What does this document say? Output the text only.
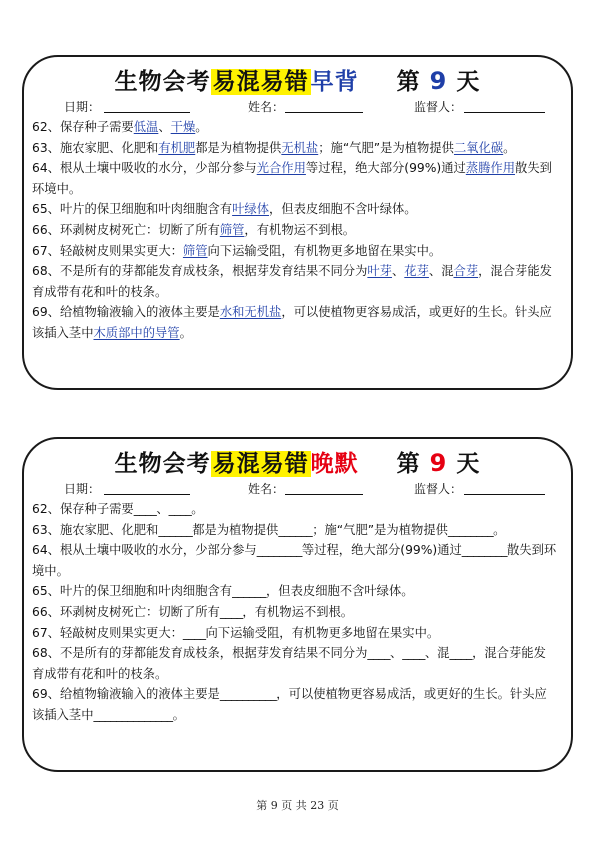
生物会考易混易错早背 第 9 天
日期：	姓名：	监督人：

62、保存种子需要低温、干燥。

63、施农家肥、化肥和有机肥都是为植物提供无机盐；施“气肥”是为植物提供二氧化碳。

64、根从土壤中吸收的水分，少部分参与光合作用等过程，绝大部分(99%)通过蒸腾作用散失到环境中。

65、叶片的保卫细胞和叶肉细胞含有叶绿体，但表皮细胞不含叶绿体。

66、环剥树皮树死亡：切断了所有筛管，有机物运不到根。

67、轻敲树皮则果实更大：筛管向下运输受阻，有机物更多地留在果实中。

68、不是所有的芽都能发育成枝条，根据芽发育结果不同分为叶芽、花芽、混合芽，混合芽能发育成带有花和叶的枝条。

69、给植物输液输入的液体主要是水和无机盐，可以使植物更容易成活，或更好的生长。针头应该插入茎中木质部中的导管。

生物会考易混易错晚默 第 9 天
日期：	姓名：	监督人：

62、保存种子需要____、____。

63、施农家肥、化肥和______都是为植物提供______；施“气肥”是为植物提供________。

64、根从土壤中吸收的水分，少部分参与________等过程，绝大部分(99%)通过________散失到环境中。

65、叶片的保卫细胞和叶肉细胞含有______，但表皮细胞不含叶绿体。

66、环剥树皮树死亡：切断了所有____，有机物运不到根。

67、轻敲树皮则果实更大：____向下运输受阻，有机物更多地留在果实中。

68、不是所有的芽都能发育成枝条，根据芽发育结果不同分为____、____、混____，混合芽能发育成带有花和叶的枝条。

69、给植物输液输入的液体主要是__________，可以使植物更容易成活，或更好的生长。针头应该插入茎中______________。

第 9 页 共 23 页
